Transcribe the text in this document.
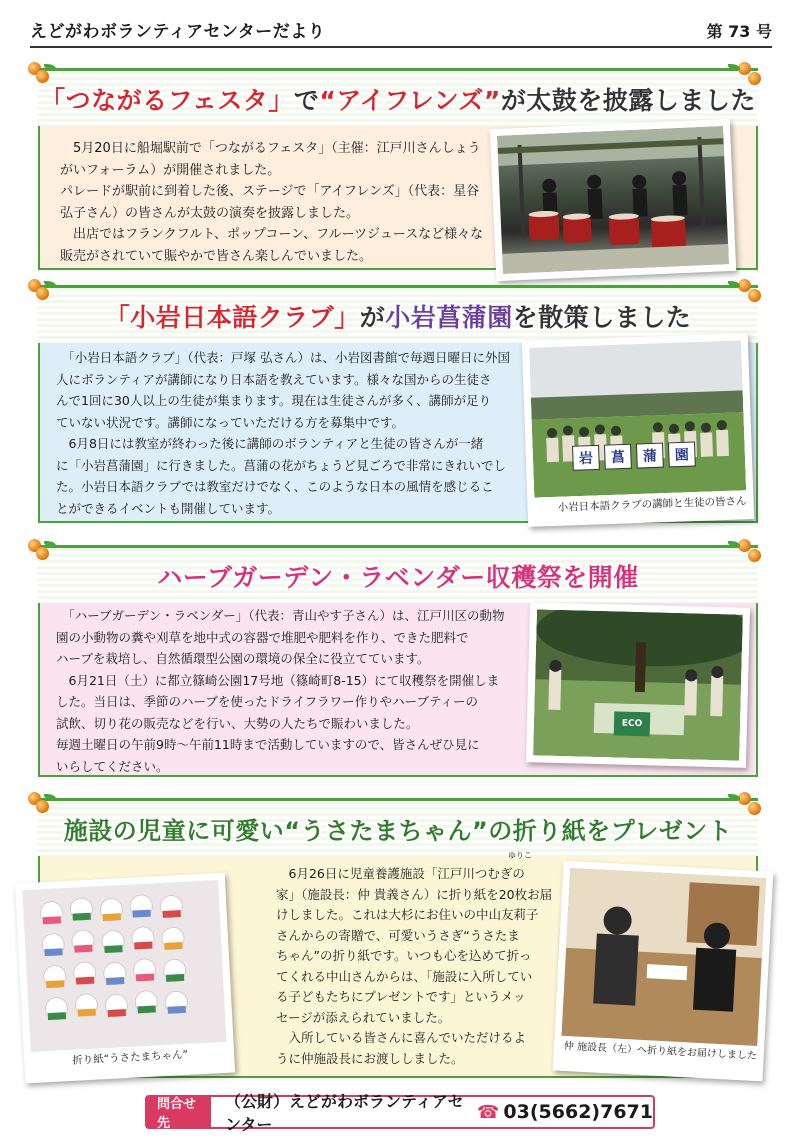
えどがわボランティアセンターだより	第 73 号
「つながるフェスタ」で“アイフレンズ”が太鼓を披露しました
　5月20日に船堀駅前で「つながるフェスタ」（主催：江戸川さんしょう
がいフォーラム）が開催されました。
パレードが駅前に到着した後、ステージで「アイフレンズ」（代表：星谷
弘子さん）の皆さんが太鼓の演奏を披露しました。
　出店ではフランクフルト、ポップコーン、フルーツジュースなど様々な
販売がされていて賑やかで皆さん楽しんでいました。
「小岩日本語クラブ」が小岩菖蒲園を散策しました
　「小岩日本語クラブ」（代表：戸塚 弘さん）は、小岩図書館で毎週日曜日に外国
人にボランティアが講師になり日本語を教えています。様々な国からの生徒さ
んで1回に30人以上の生徒が集まります。現在は生徒さんが多く、講師が足り
ていない状況です。講師になっていただける方を募集中です。
　6月8日には教室が終わった後に講師のボランティアと生徒の皆さんが一緒
に「小岩菖蒲園」に行きました。菖蒲の花がちょうど見ごろで非常にきれいでし
た。小岩日本語クラブでは教室だけでなく、このような日本の風情を感じるこ
とができるイベントも開催しています。
岩	菖	蒲	園
小岩日本語クラブの講師と生徒の皆さん
ハーブガーデン・ラベンダー収穫祭を開催
　「ハーブガーデン・ラベンダー」（代表：青山やす子さん）は、江戸川区の動物
園の小動物の糞や刈草を地中式の容器で堆肥や肥料を作り、できた肥料で
ハーブを栽培し、自然循環型公園の環境の保全に役立てています。
　6月21日（土）に都立篠崎公園17号地（篠崎町8-15）にて収穫祭を開催しま
した。当日は、季節のハーブを使ったドライフラワー作りやハーブティーの
試飲、切り花の販売などを行い、大勢の人たちで賑わいました。
毎週土曜日の午前9時〜午前11時まで活動していますので、皆さんぜひ見に
いらしてください。
ECO
施設の児童に可愛い“うさたまちゃん”の折り紙をプレゼント
　6月26日に児童養護施設「江戸川つむぎの
家」（施設長：仲 貴義さん）に折り紙を20枚お届
けしました。これは大杉にお住いの中山友莉子
さんからの寄贈で、可愛いうさぎ“うさたま
ちゃん”の折り紙です。いつも心を込めて折っ
てくれる中山さんからは、「施設に入所してい
る子どもたちにプレゼントです」というメッ
セージが添えられていました。
　入所している皆さんに喜んでいただけるよ
うに仲施設長にお渡ししました。
ゆりこ
折り紙“うさたまちゃん”	仲 施設長（左）へ折り紙をお届けしました
問合せ先
（公財）えどがわボランティアセンター
☎ 03(5662)7671
